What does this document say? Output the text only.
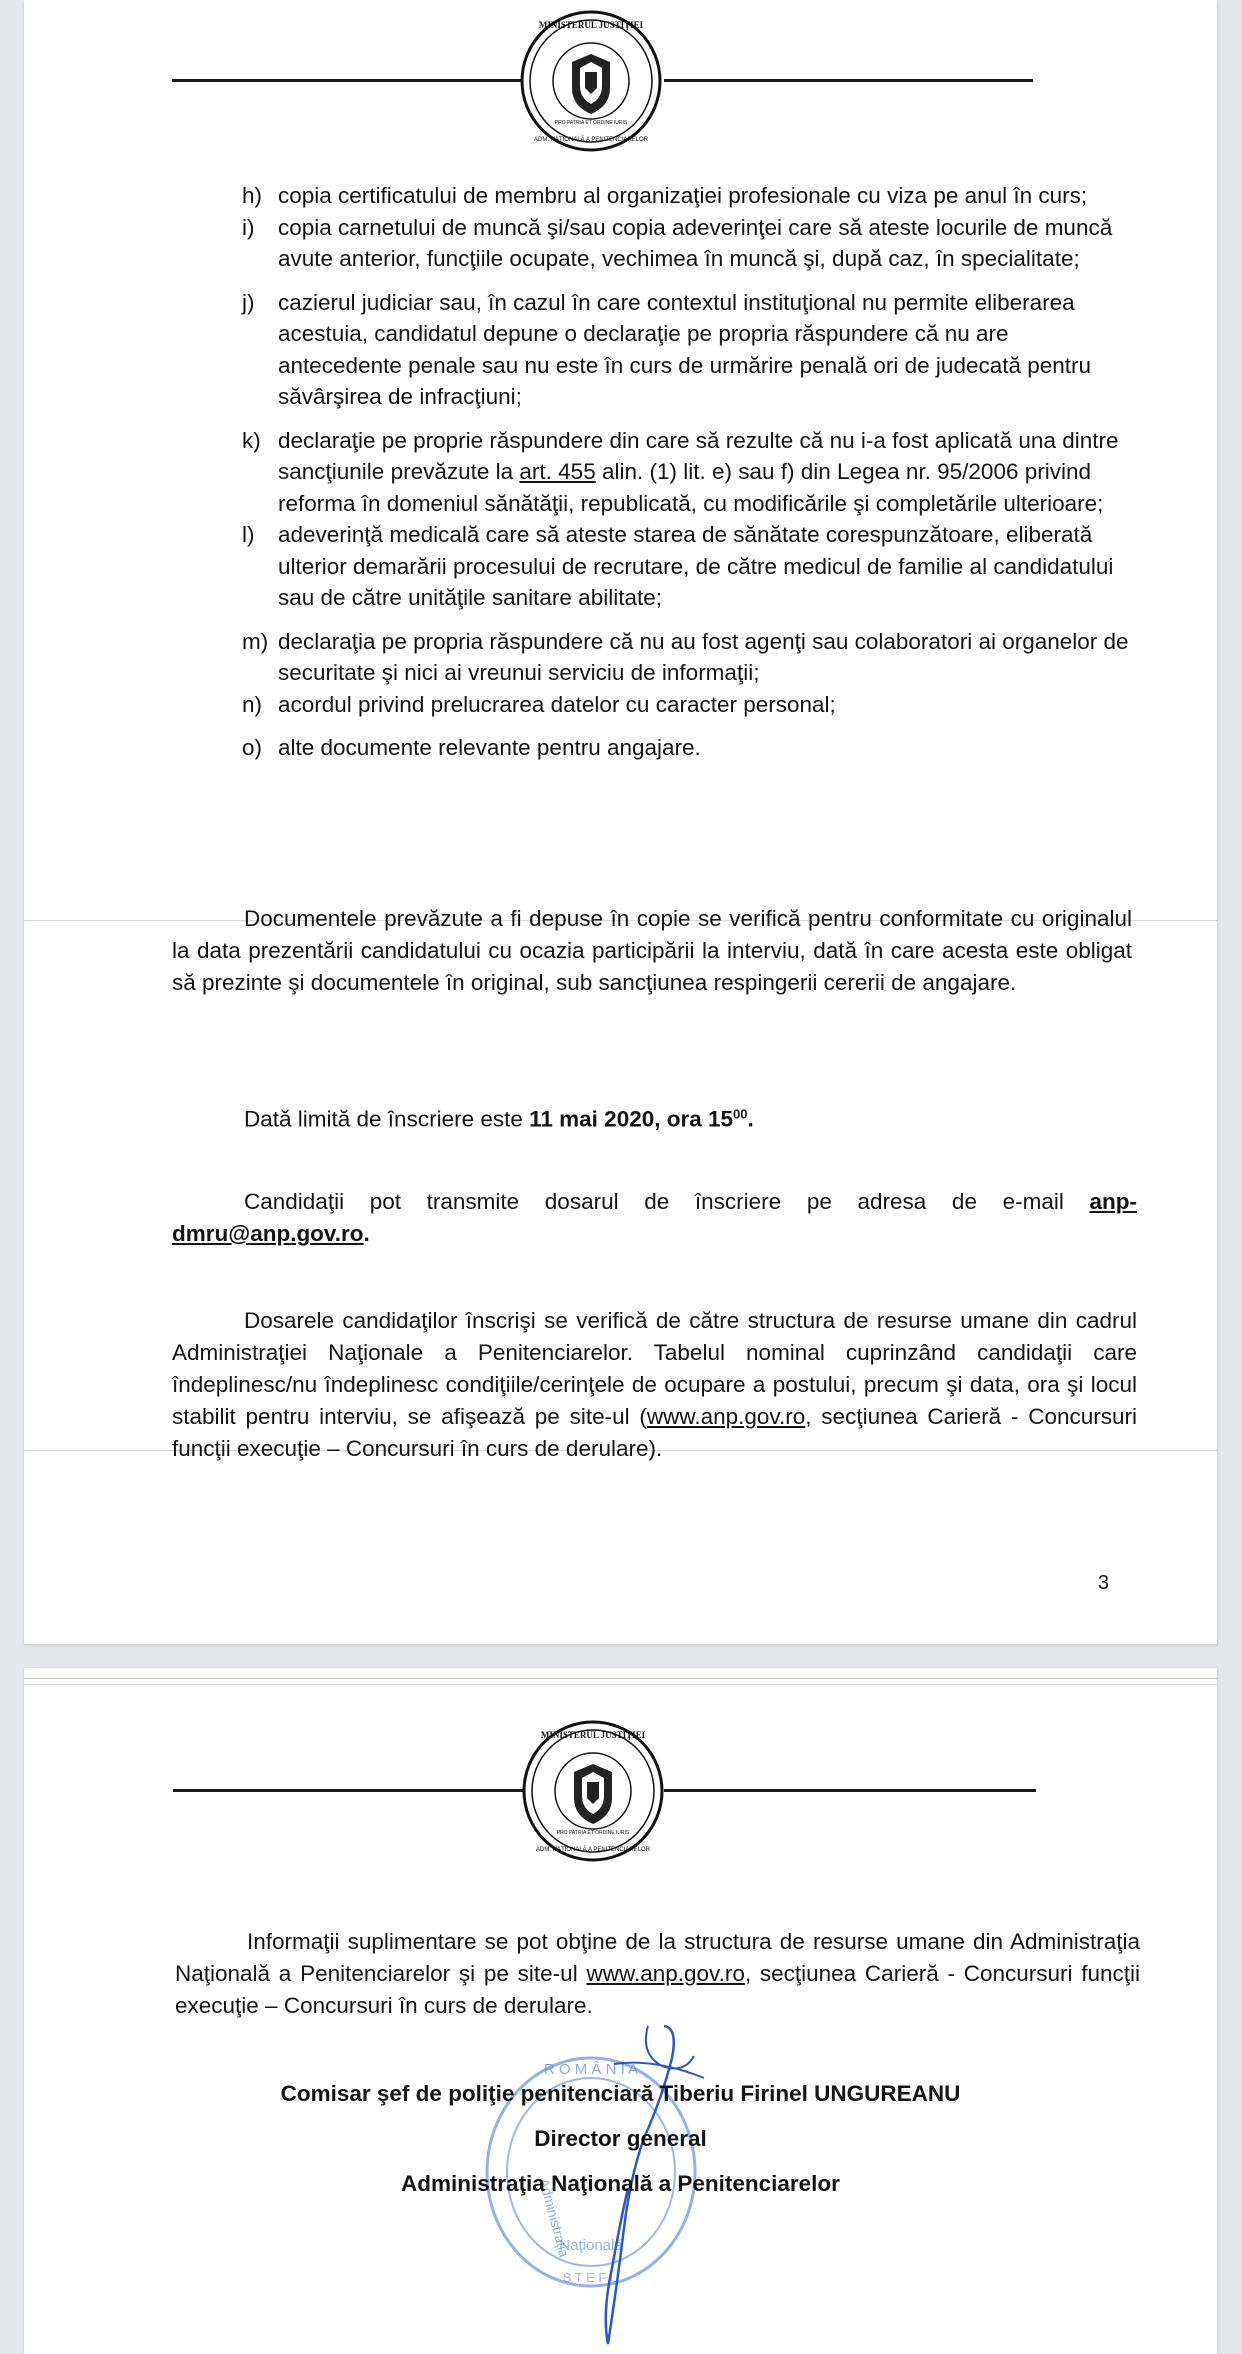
MINISTERUL JUSTIŢIEI
ADM. NAŢIONALĂ A PENITENCIARELOR
PRO PATRIA ET ORDINE IURIS
h) copia certificatului de membru al organizaţiei profesionale cu viza pe anul în curs;
i) copia carnetului de muncă şi/sau copia adeverinţei care să ateste locurile de muncă avute anterior, funcţiile ocupate, vechimea în muncă şi, după caz, în specialitate;
j) cazierul judiciar sau, în cazul în care contextul instituţional nu permite eliberarea acestuia, candidatul depune o declaraţie pe propria răspundere că nu are antecedente penale sau nu este în curs de urmărire penală ori de judecată pentru săvârşirea de infracţiuni;
k) declaraţie pe proprie răspundere din care să rezulte că nu i-a fost aplicată una dintre sancţiunile prevăzute la art. 455 alin. (1) lit. e) sau f) din Legea nr. 95/2006 privind reforma în domeniul sănătăţii, republicată, cu modificările şi completările ulterioare;
l) adeverinţă medicală care să ateste starea de sănătate corespunzătoare, eliberată ulterior demarării procesului de recrutare, de către medicul de familie al candidatului sau de către unităţile sanitare abilitate;
m) declaraţia pe propria răspundere că nu au fost agenţi sau colaboratori ai organelor de securitate şi nici ai vreunui serviciu de informaţii;
n) acordul privind prelucrarea datelor cu caracter personal;
o) alte documente relevante pentru angajare.

Documentele prevăzute a fi depuse în copie se verifică pentru conformitate cu originalul la data prezentării candidatului cu ocazia participării la interviu, dată în care acesta este obligat să prezinte şi documentele în original, sub sancţiunea respingerii cererii de angajare.

Dată limită de înscriere este 11 mai 2020, ora $15^{00}$.

Candidaţii pot transmite dosarul de înscriere pe adresa de e-mail anp-dmru@anp.gov.ro.

Dosarele candidaţilor înscrişi se verifică de către structura de resurse umane din cadrul Administraţiei Naţionale a Penitenciarelor. Tabelul nominal cuprinzând candidaţii care îndeplinesc/nu îndeplinesc condiţiile/cerinţele de ocupare a postului, precum şi data, ora şi locul stabilit pentru interviu, se afişează pe site-ul (www.anp.gov.ro, secţiunea Carieră - Concursuri funcţii execuţie – Concursuri în curs de derulare).

3
MINISTERUL JUSTIŢIEI
ADM. NAŢIONALĂ A PENITENCIARELOR
PRO PATRIA ET ORDINE IURIS

Informaţii suplimentare se pot obţine de la structura de resurse umane din Administraţia Naţională a Penitenciarelor şi pe site-ul www.anp.gov.ro, secţiunea Carieră - Concursuri funcţii execuţie – Concursuri în curs de derulare.

R O M Â N I A
Administraţia
Naţională
S T E F U
Comisar şef de poliţie penitenciară Tiberiu Firinel UNGUREANU
Director general
Administraţia Naţională a Penitenciarelor
